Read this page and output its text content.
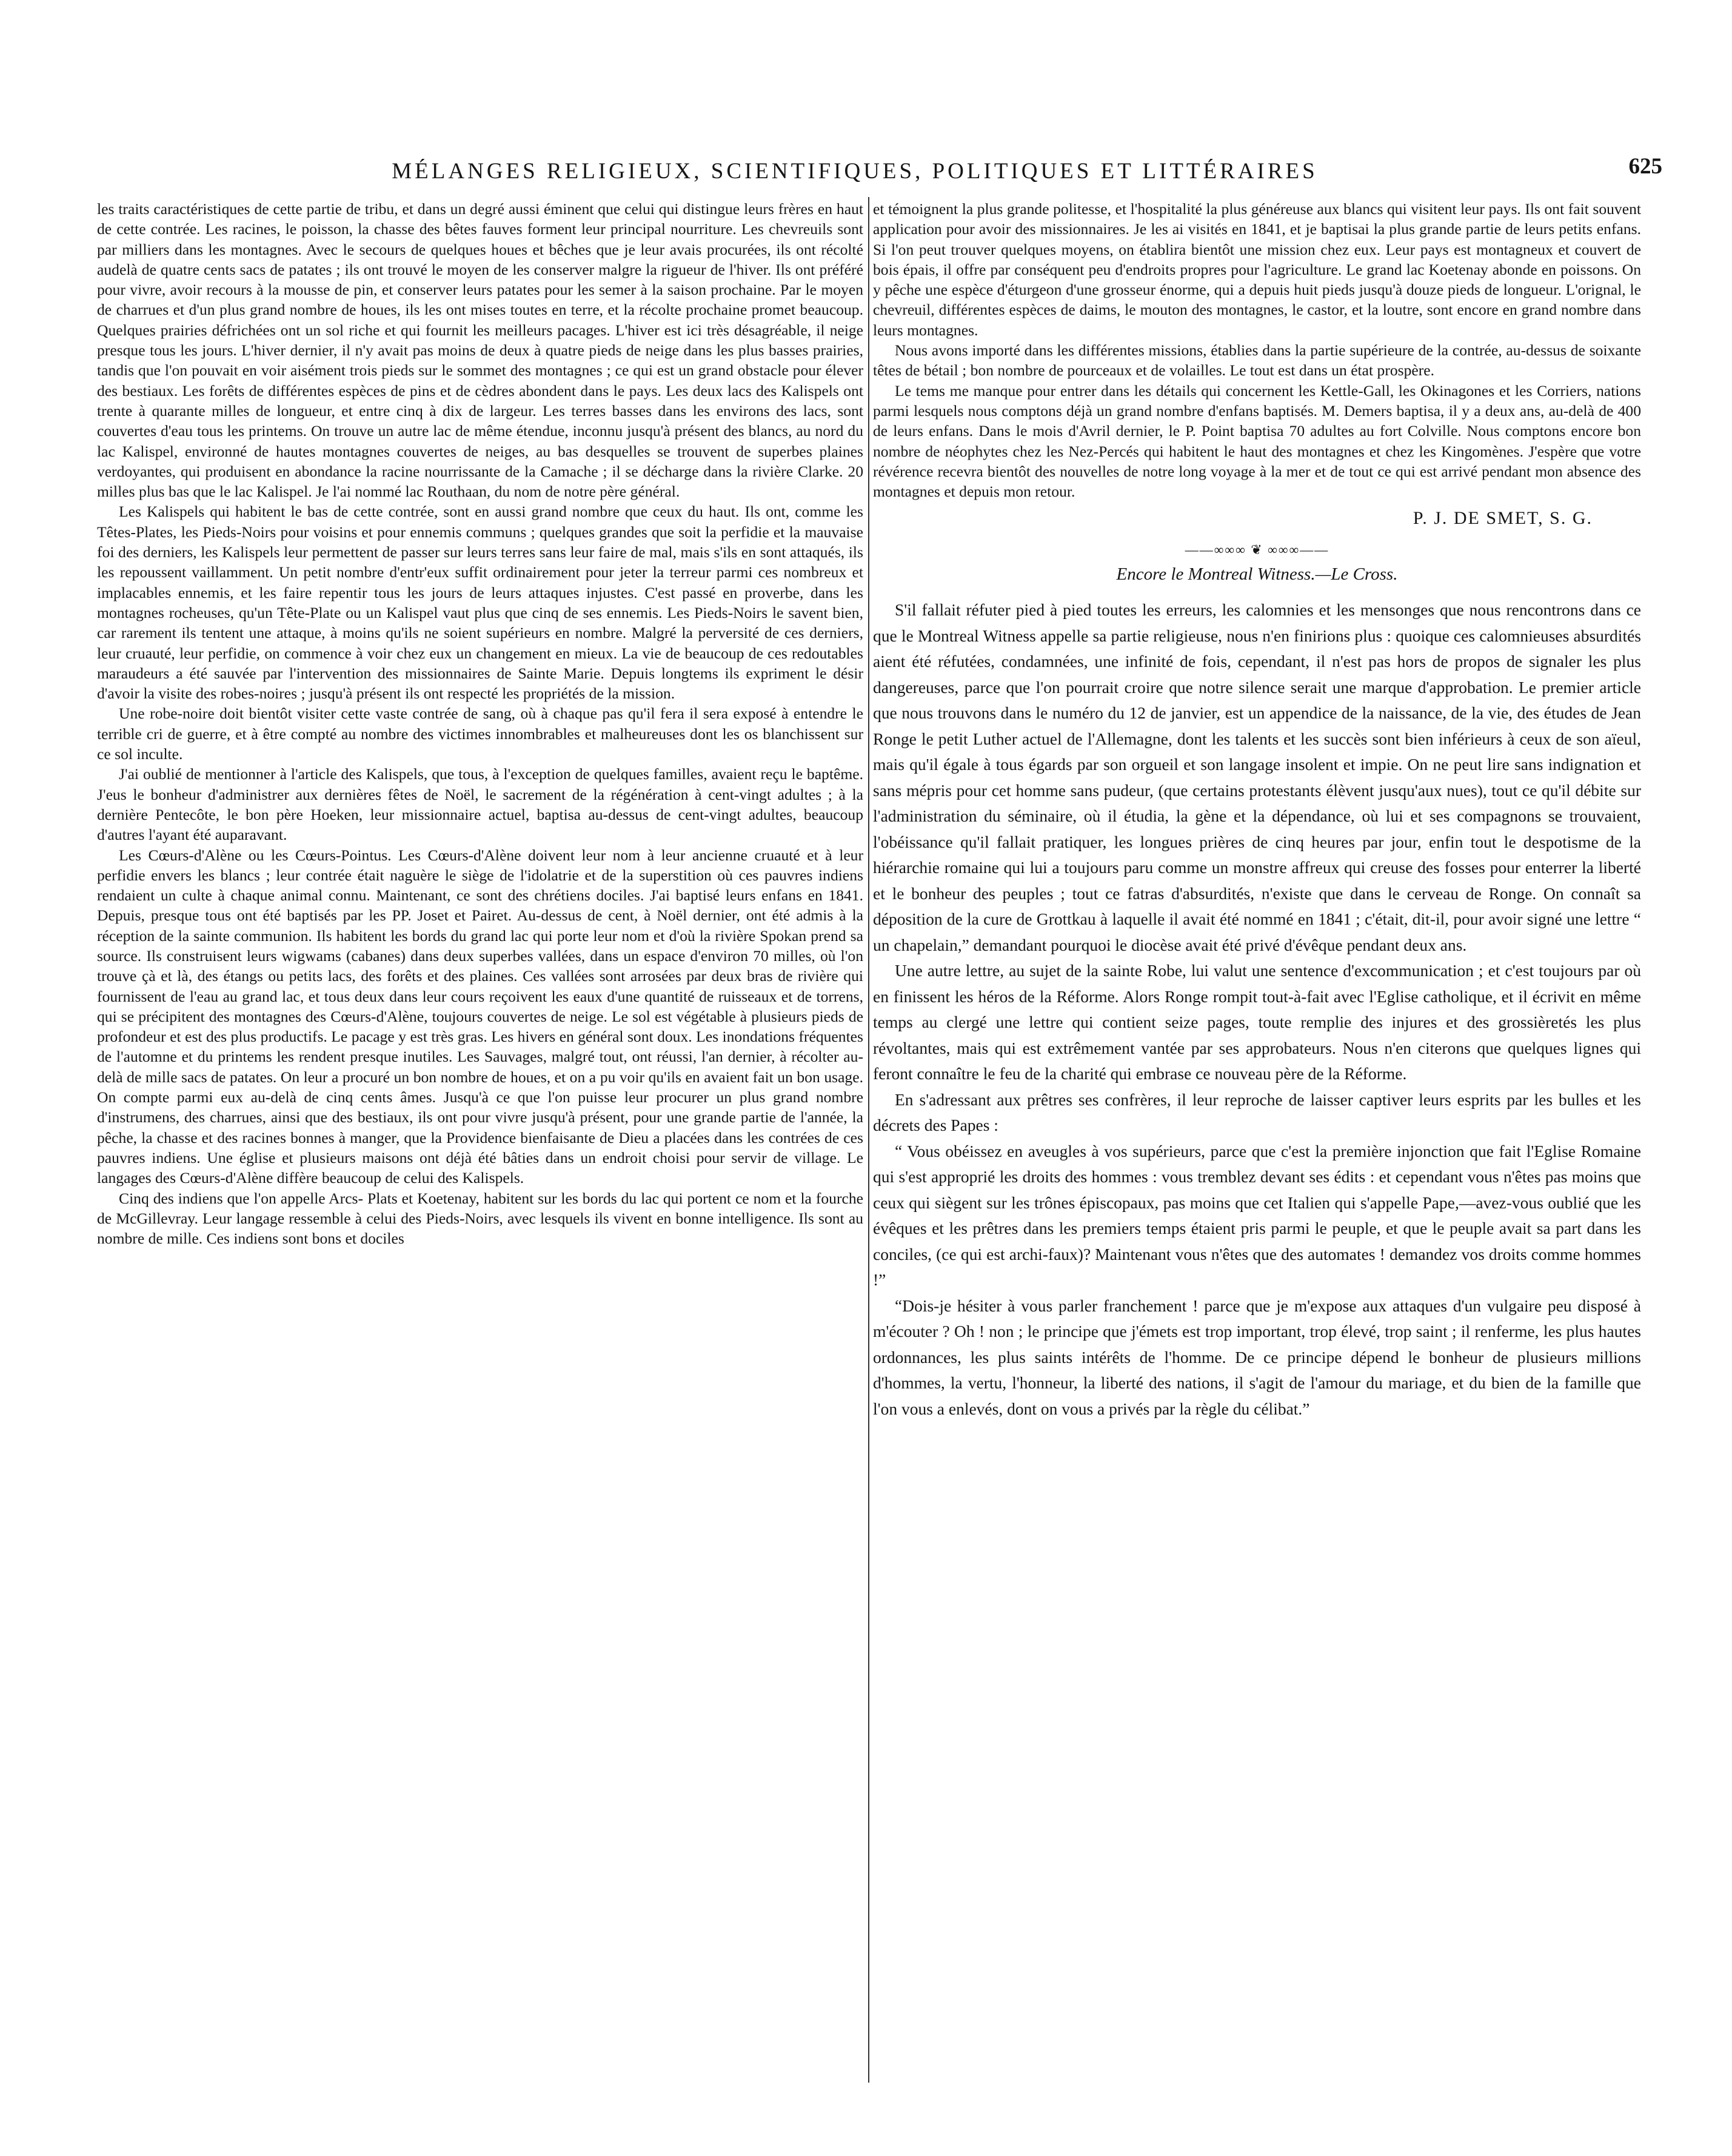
MÉLANGES RELIGIEUX, SCIENTIFIQUES, POLITIQUES ET LITTÉRAIRES	625

les traits caractéristiques de cette partie de tribu, et dans un degré aussi éminent que celui qui distingue leurs frères en haut de cette contrée. Les racines, le poisson, la chasse des bêtes fauves forment leur principal nourriture. Les chevreuils sont par milliers dans les montagnes. Avec le secours de quelques houes et bêches que je leur avais procurées, ils ont récolté audelà de quatre cents sacs de patates ; ils ont trouvé le moyen de les conserver malgre la rigueur de l'hiver. Ils ont préféré pour vivre, avoir recours à la mousse de pin, et conserver leurs patates pour les semer à la saison prochaine. Par le moyen de charrues et d'un plus grand nombre de houes, ils les ont mises toutes en terre, et la récolte prochaine promet beaucoup. Quelques prairies défrichées ont un sol riche et qui fournit les meilleurs pacages. L'hiver est ici très désagréable, il neige presque tous les jours. L'hiver dernier, il n'y avait pas moins de deux à quatre pieds de neige dans les plus basses prairies, tandis que l'on pouvait en voir aisément trois pieds sur le sommet des montagnes ; ce qui est un grand obstacle pour élever des bestiaux. Les forêts de différentes espèces de pins et de cèdres abondent dans le pays. Les deux lacs des Kalispels ont trente à quarante milles de longueur, et entre cinq à dix de largeur. Les terres basses dans les environs des lacs, sont couvertes d'eau tous les printems. On trouve un autre lac de même étendue, inconnu jusqu'à présent des blancs, au nord du lac Kalispel, environné de hautes montagnes couvertes de neiges, au bas desquelles se trouvent de superbes plaines verdoyantes, qui produisent en abondance la racine nourrissante de la Camache ; il se décharge dans la rivière Clarke. 20 milles plus bas que le lac Kalispel. Je l'ai nommé lac Routhaan, du nom de notre père général.

Les Kalispels qui habitent le bas de cette contrée, sont en aussi grand nombre que ceux du haut. Ils ont, comme les Têtes-Plates, les Pieds-Noirs pour voisins et pour ennemis communs ; quelques grandes que soit la perfidie et la mauvaise foi des derniers, les Kalispels leur permettent de passer sur leurs terres sans leur faire de mal, mais s'ils en sont attaqués, ils les repoussent vaillamment. Un petit nombre d'entr'eux suffit ordinairement pour jeter la terreur parmi ces nombreux et implacables ennemis, et les faire repentir tous les jours de leurs attaques injustes. C'est passé en proverbe, dans les montagnes rocheuses, qu'un Tête-Plate ou un Kalispel vaut plus que cinq de ses ennemis. Les Pieds-Noirs le savent bien, car rarement ils tentent une attaque, à moins qu'ils ne soient supérieurs en nombre. Malgré la perversité de ces derniers, leur cruauté, leur perfidie, on commence à voir chez eux un changement en mieux. La vie de beaucoup de ces redoutables maraudeurs a été sauvée par l'intervention des missionnaires de Sainte Marie. Depuis longtems ils expriment le désir d'avoir la visite des robes-noires ; jusqu'à présent ils ont respecté les propriétés de la mission.

Une robe-noire doit bientôt visiter cette vaste contrée de sang, où à chaque pas qu'il fera il sera exposé à entendre le terrible cri de guerre, et à être compté au nombre des victimes innombrables et malheureuses dont les os blanchissent sur ce sol inculte.

J'ai oublié de mentionner à l'article des Kalispels, que tous, à l'exception de quelques familles, avaient reçu le baptême. J'eus le bonheur d'administrer aux dernières fêtes de Noël, le sacrement de la régénération à cent-vingt adultes ; à la dernière Pentecôte, le bon père Hoeken, leur missionnaire actuel, baptisa au-dessus de cent-vingt adultes, beaucoup d'autres l'ayant été auparavant.

Les Cœurs-d'Alène ou les Cœurs-Pointus. Les Cœurs-d'Alène doivent leur nom à leur ancienne cruauté et à leur perfidie envers les blancs ; leur contrée était naguère le siège de l'idolatrie et de la superstition où ces pauvres indiens rendaient un culte à chaque animal connu. Maintenant, ce sont des chrétiens dociles. J'ai baptisé leurs enfans en 1841. Depuis, presque tous ont été baptisés par les PP. Joset et Pairet. Au-dessus de cent, à Noël dernier, ont été admis à la réception de la sainte communion. Ils habitent les bords du grand lac qui porte leur nom et d'où la rivière Spokan prend sa source. Ils construisent leurs wigwams (cabanes) dans deux superbes vallées, dans un espace d'environ 70 milles, où l'on trouve çà et là, des étangs ou petits lacs, des forêts et des plaines. Ces vallées sont arrosées par deux bras de rivière qui fournissent de l'eau au grand lac, et tous deux dans leur cours reçoivent les eaux d'une quantité de ruisseaux et de torrens, qui se précipitent des montagnes des Cœurs-d'Alène, toujours couvertes de neige. Le sol est végétable à plusieurs pieds de profondeur et est des plus productifs. Le pacage y est très gras. Les hivers en général sont doux. Les inondations fréquentes de l'automne et du printems les rendent presque inutiles. Les Sauvages, malgré tout, ont réussi, l'an dernier, à récolter au-delà de mille sacs de patates. On leur a procuré un bon nombre de houes, et on a pu voir qu'ils en avaient fait un bon usage. On compte parmi eux au-delà de cinq cents âmes. Jusqu'à ce que l'on puisse leur procurer un plus grand nombre d'instrumens, des charrues, ainsi que des bestiaux, ils ont pour vivre jusqu'à présent, pour une grande partie de l'année, la pêche, la chasse et des racines bonnes à manger, que la Providence bienfaisante de Dieu a placées dans les contrées de ces pauvres indiens. Une église et plusieurs maisons ont déjà été bâties dans un endroit choisi pour servir de village. Le langages des Cœurs-d'Alène diffère beaucoup de celui des Kalispels.

Cinq des indiens que l'on appelle Arcs- Plats et Koetenay, habitent sur les bords du lac qui portent ce nom et la fourche de McGillevray. Leur langage ressemble à celui des Pieds-Noirs, avec lesquels ils vivent en bonne intelligence. Ils sont au nombre de mille. Ces indiens sont bons et dociles

et témoignent la plus grande politesse, et l'hospitalité la plus généreuse aux blancs qui visitent leur pays. Ils ont fait souvent application pour avoir des missionnaires. Je les ai visités en 1841, et je baptisai la plus grande partie de leurs petits enfans. Si l'on peut trouver quelques moyens, on établira bientôt une mission chez eux. Leur pays est montagneux et couvert de bois épais, il offre par conséquent peu d'endroits propres pour l'agriculture. Le grand lac Koetenay abonde en poissons. On y pêche une espèce d'éturgeon d'une grosseur énorme, qui a depuis huit pieds jusqu'à douze pieds de longueur. L'orignal, le chevreuil, différentes espèces de daims, le mouton des montagnes, le castor, et la loutre, sont encore en grand nombre dans leurs montagnes.

Nous avons importé dans les différentes missions, établies dans la partie supérieure de la contrée, au-dessus de soixante têtes de bétail ; bon nombre de pourceaux et de volailles. Le tout est dans un état prospère.

Le tems me manque pour entrer dans les détails qui concernent les Kettle-Gall, les Okinagones et les Corriers, nations parmi lesquels nous comptons déjà un grand nombre d'enfans baptisés. M. Demers baptisa, il y a deux ans, au-delà de 400 de leurs enfans. Dans le mois d'Avril dernier, le P. Point baptisa 70 adultes au fort Colville. Nous comptons encore bon nombre de néophytes chez les Nez-Percés qui habitent le haut des montagnes et chez les Kingomènes. J'espère que votre révérence recevra bientôt des nouvelles de notre long voyage à la mer et de tout ce qui est arrivé pendant mon absence des montagnes et depuis mon retour.

P. J. DE SMET, S. G.
——∞∞∞ ❦ ∞∞∞——
Encore le Montreal Witness.—Le Cross.

S'il fallait réfuter pied à pied toutes les erreurs, les calomnies et les mensonges que nous rencontrons dans ce que le Montreal Witness appelle sa partie religieuse, nous n'en finirions plus : quoique ces calomnieuses absurdités aient été réfutées, condamnées, une infinité de fois, cependant, il n'est pas hors de propos de signaler les plus dangereuses, parce que l'on pourrait croire que notre silence serait une marque d'approbation. Le premier article que nous trouvons dans le numéro du 12 de janvier, est un appendice de la naissance, de la vie, des études de Jean Ronge le petit Luther actuel de l'Allemagne, dont les talents et les succès sont bien inférieurs à ceux de son aïeul, mais qu'il égale à tous égards par son orgueil et son langage insolent et impie. On ne peut lire sans indignation et sans mépris pour cet homme sans pudeur, (que certains protestants élèvent jusqu'aux nues), tout ce qu'il débite sur l'administration du séminaire, où il étudia, la gène et la dépendance, où lui et ses compagnons se trouvaient, l'obéissance qu'il fallait pratiquer, les longues prières de cinq heures par jour, enfin tout le despotisme de la hiérarchie romaine qui lui a toujours paru comme un monstre affreux qui creuse des fosses pour enterrer la liberté et le bonheur des peuples ; tout ce fatras d'absurdités, n'existe que dans le cerveau de Ronge. On connaît sa déposition de la cure de Grottkau à laquelle il avait été nommé en 1841 ; c'était, dit-il, pour avoir signé une lettre “ un chapelain,” demandant pourquoi le diocèse avait été privé d'évêque pendant deux ans.

Une autre lettre, au sujet de la sainte Robe, lui valut une sentence d'excommunication ; et c'est toujours par où en finissent les héros de la Réforme. Alors Ronge rompit tout-à-fait avec l'Eglise catholique, et il écrivit en même temps au clergé une lettre qui contient seize pages, toute remplie des injures et des grossièretés les plus révoltantes, mais qui est extrêmement vantée par ses approbateurs. Nous n'en citerons que quelques lignes qui feront connaître le feu de la charité qui embrase ce nouveau père de la Réforme.

En s'adressant aux prêtres ses confrères, il leur reproche de laisser captiver leurs esprits par les bulles et les décrets des Papes :

“ Vous obéissez en aveugles à vos supérieurs, parce que c'est la première injonction que fait l'Eglise Romaine qui s'est approprié les droits des hommes : vous tremblez devant ses édits : et cependant vous n'êtes pas moins que ceux qui siègent sur les trônes épiscopaux, pas moins que cet Italien qui s'appelle Pape,—avez-vous oublié que les évêques et les prêtres dans les premiers temps étaient pris parmi le peuple, et que le peuple avait sa part dans les conciles, (ce qui est archi-faux)? Maintenant vous n'êtes que des automates ! demandez vos droits comme hommes !”

“Dois-je hésiter à vous parler franchement ! parce que je m'expose aux attaques d'un vulgaire peu disposé à m'écouter ? Oh ! non ; le principe que j'émets est trop important, trop élevé, trop saint ; il renferme, les plus hautes ordonnances, les plus saints intérêts de l'homme. De ce principe dépend le bonheur de plusieurs millions d'hommes, la vertu, l'honneur, la liberté des nations, il s'agit de l'amour du mariage, et du bien de la famille que l'on vous a enlevés, dont on vous a privés par la règle du célibat.”
